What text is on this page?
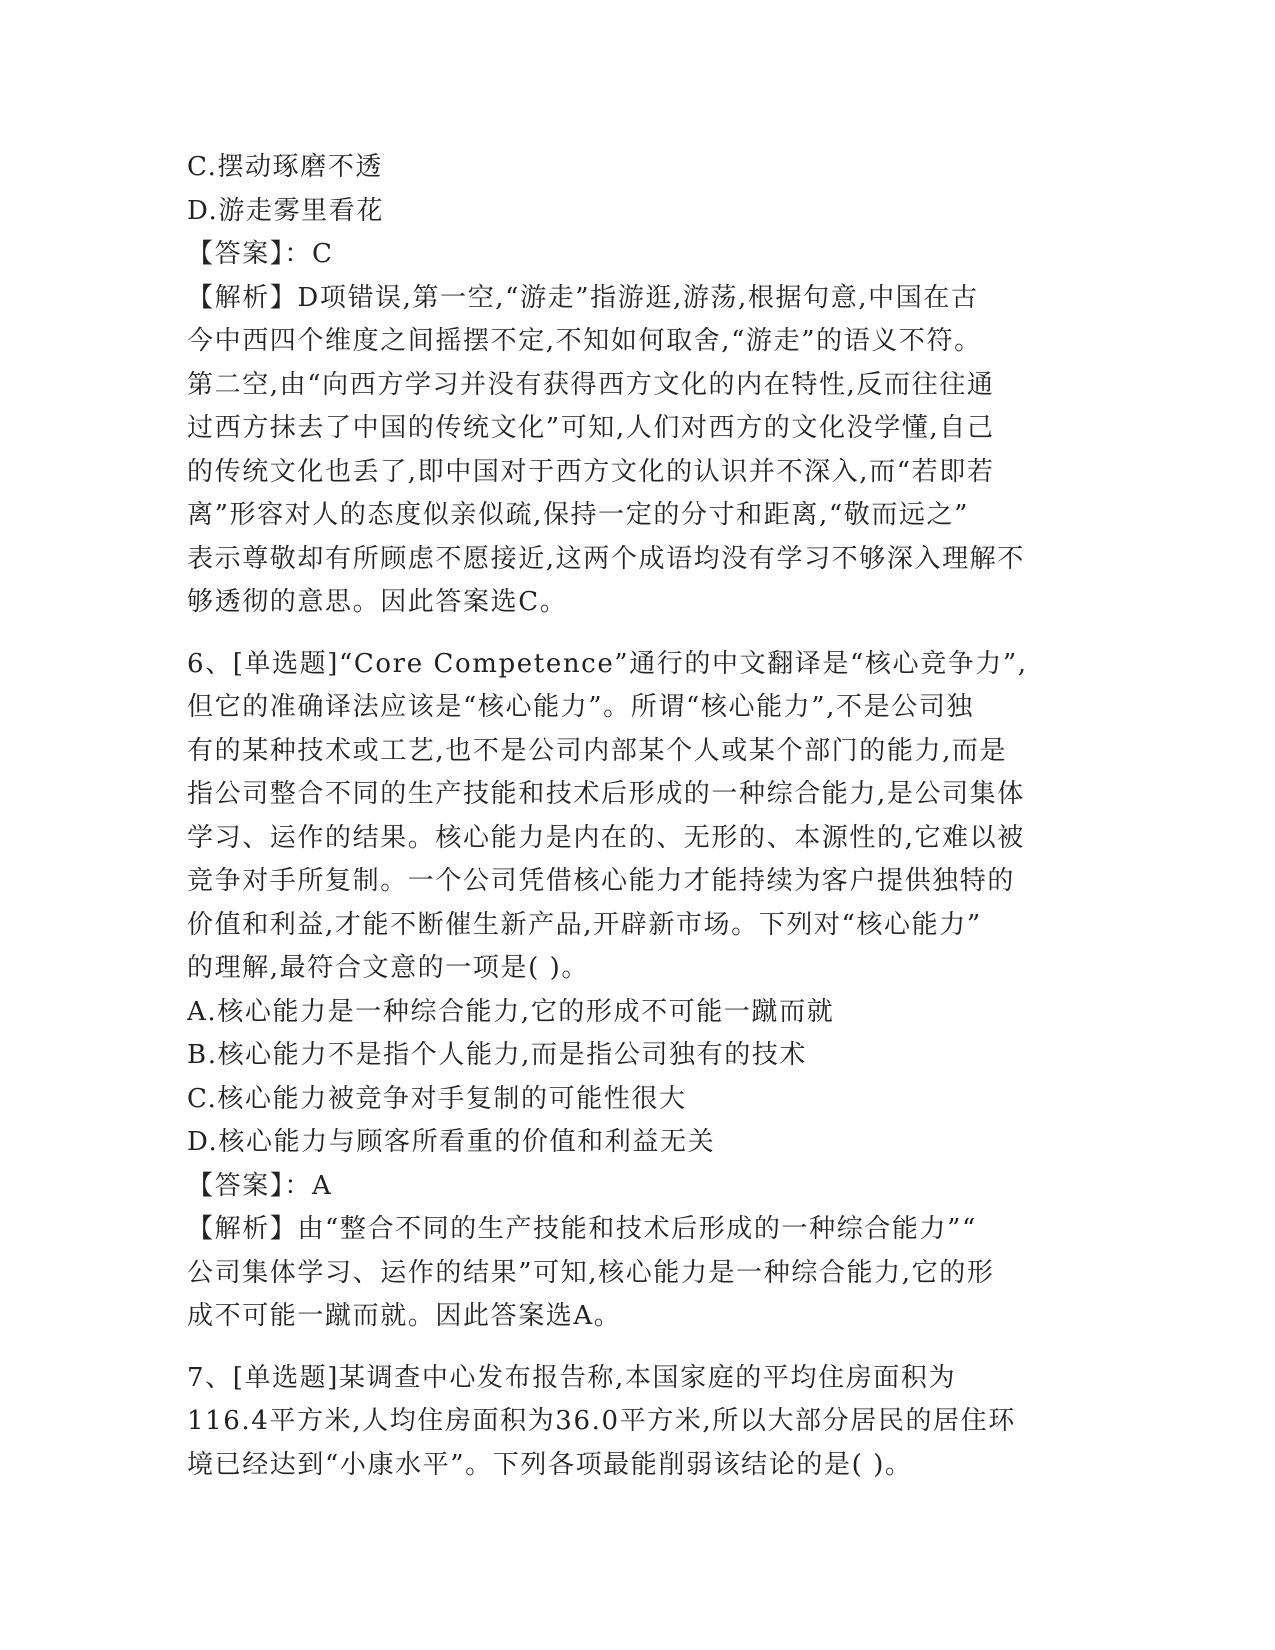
C.摆动琢磨不透
D.游走雾里看花
【答案】：C
【解析】D项错误,第一空,“游走”指游逛,游荡,根据句意,中国在古
今中西四个维度之间摇摆不定,不知如何取舍,“游走”的语义不符。
第二空,由“向西方学习并没有获得西方文化的内在特性,反而往往通
过西方抹去了中国的传统文化”可知,人们对西方的文化没学懂,自己
的传统文化也丢了,即中国对于西方文化的认识并不深入,而“若即若
离”形容对人的态度似亲似疏,保持一定的分寸和距离,“敬而远之”
表示尊敬却有所顾虑不愿接近,这两个成语均没有学习不够深入理解不
够透彻的意思。因此答案选C。
6、[单选题]“Core Competence”通行的中文翻译是“核心竞争力”,
但它的准确译法应该是“核心能力”。所谓“核心能力”,不是公司独
有的某种技术或工艺,也不是公司内部某个人或某个部门的能力,而是
指公司整合不同的生产技能和技术后形成的一种综合能力,是公司集体
学习、运作的结果。核心能力是内在的、无形的、本源性的,它难以被
竞争对手所复制。一个公司凭借核心能力才能持续为客户提供独特的
价值和利益,才能不断催生新产品,开辟新市场。下列对“核心能力”
的理解,最符合文意的一项是( )。
A.核心能力是一种综合能力,它的形成不可能一蹴而就
B.核心能力不是指个人能力,而是指公司独有的技术
C.核心能力被竞争对手复制的可能性很大
D.核心能力与顾客所看重的价值和利益无关
【答案】：A
【解析】由“整合不同的生产技能和技术后形成的一种综合能力”“
公司集体学习、运作的结果”可知,核心能力是一种综合能力,它的形
成不可能一蹴而就。因此答案选A。
7、[单选题]某调查中心发布报告称,本国家庭的平均住房面积为
116.4平方米,人均住房面积为36.0平方米,所以大部分居民的居住环
境已经达到“小康水平”。下列各项最能削弱该结论的是( )。
